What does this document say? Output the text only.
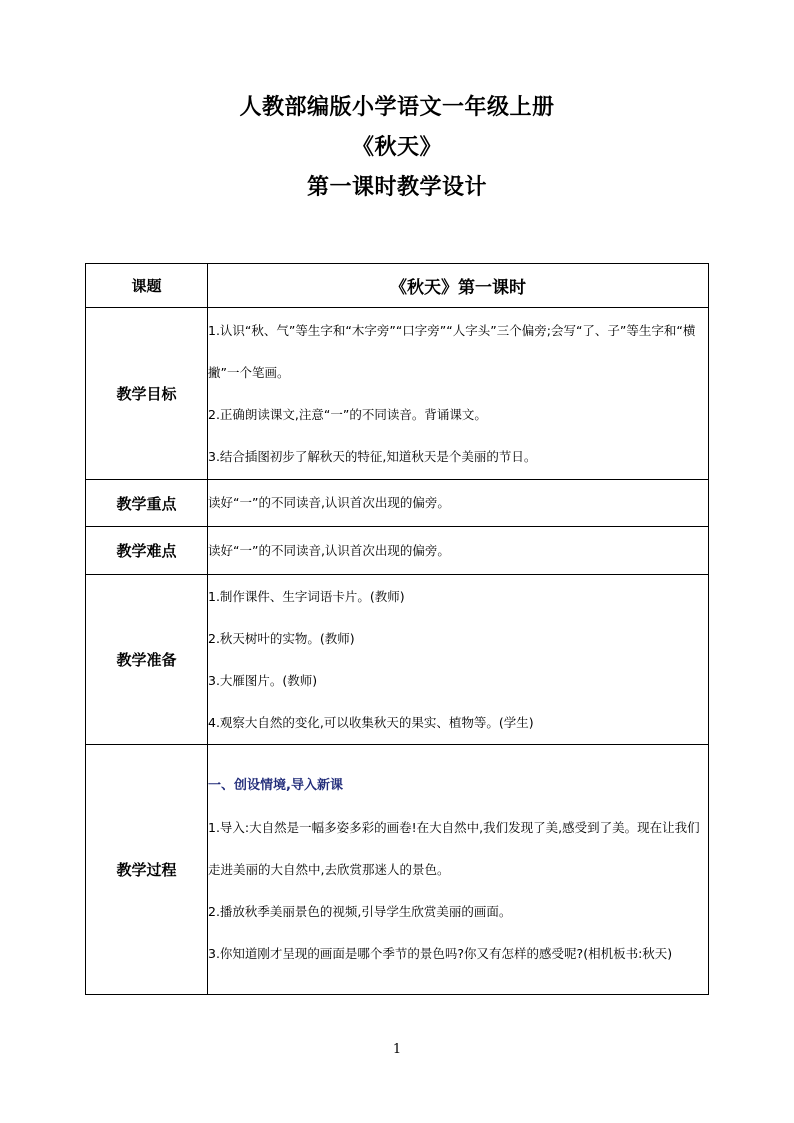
人教部编版小学语文一年级上册
《秋天》
第一课时教学设计
课题	《秋天》第一课时
教学目标	1.认识“秋、气”等生字和“木字旁”“口字旁”“人字头”三个偏旁;会写“了、子”等生字和“横撇”一个笔画。

2.正确朗读课文,注意“一”的不同读音。背诵课文。

3.结合插图初步了解秋天的特征,知道秋天是个美丽的节日。

教学重点	读好“一”的不同读音,认识首次出现的偏旁。

教学难点	读好“一”的不同读音,认识首次出现的偏旁。

教学准备	1.制作课件、生字词语卡片。(教师)

2.秋天树叶的实物。(教师)

3.大雁图片。(教师)

4.观察大自然的变化,可以收集秋天的果实、植物等。(学生)

教学过程	一、创设情境,导入新课

1.导入:大自然是一幅多姿多彩的画卷!在大自然中,我们发现了美,感受到了美。现在让我们走进美丽的大自然中,去欣赏那迷人的景色。

2.播放秋季美丽景色的视频,引导学生欣赏美丽的画面。

3.你知道刚才呈现的画面是哪个季节的景色吗?你又有怎样的感受呢?(相机板书:秋天)

1
